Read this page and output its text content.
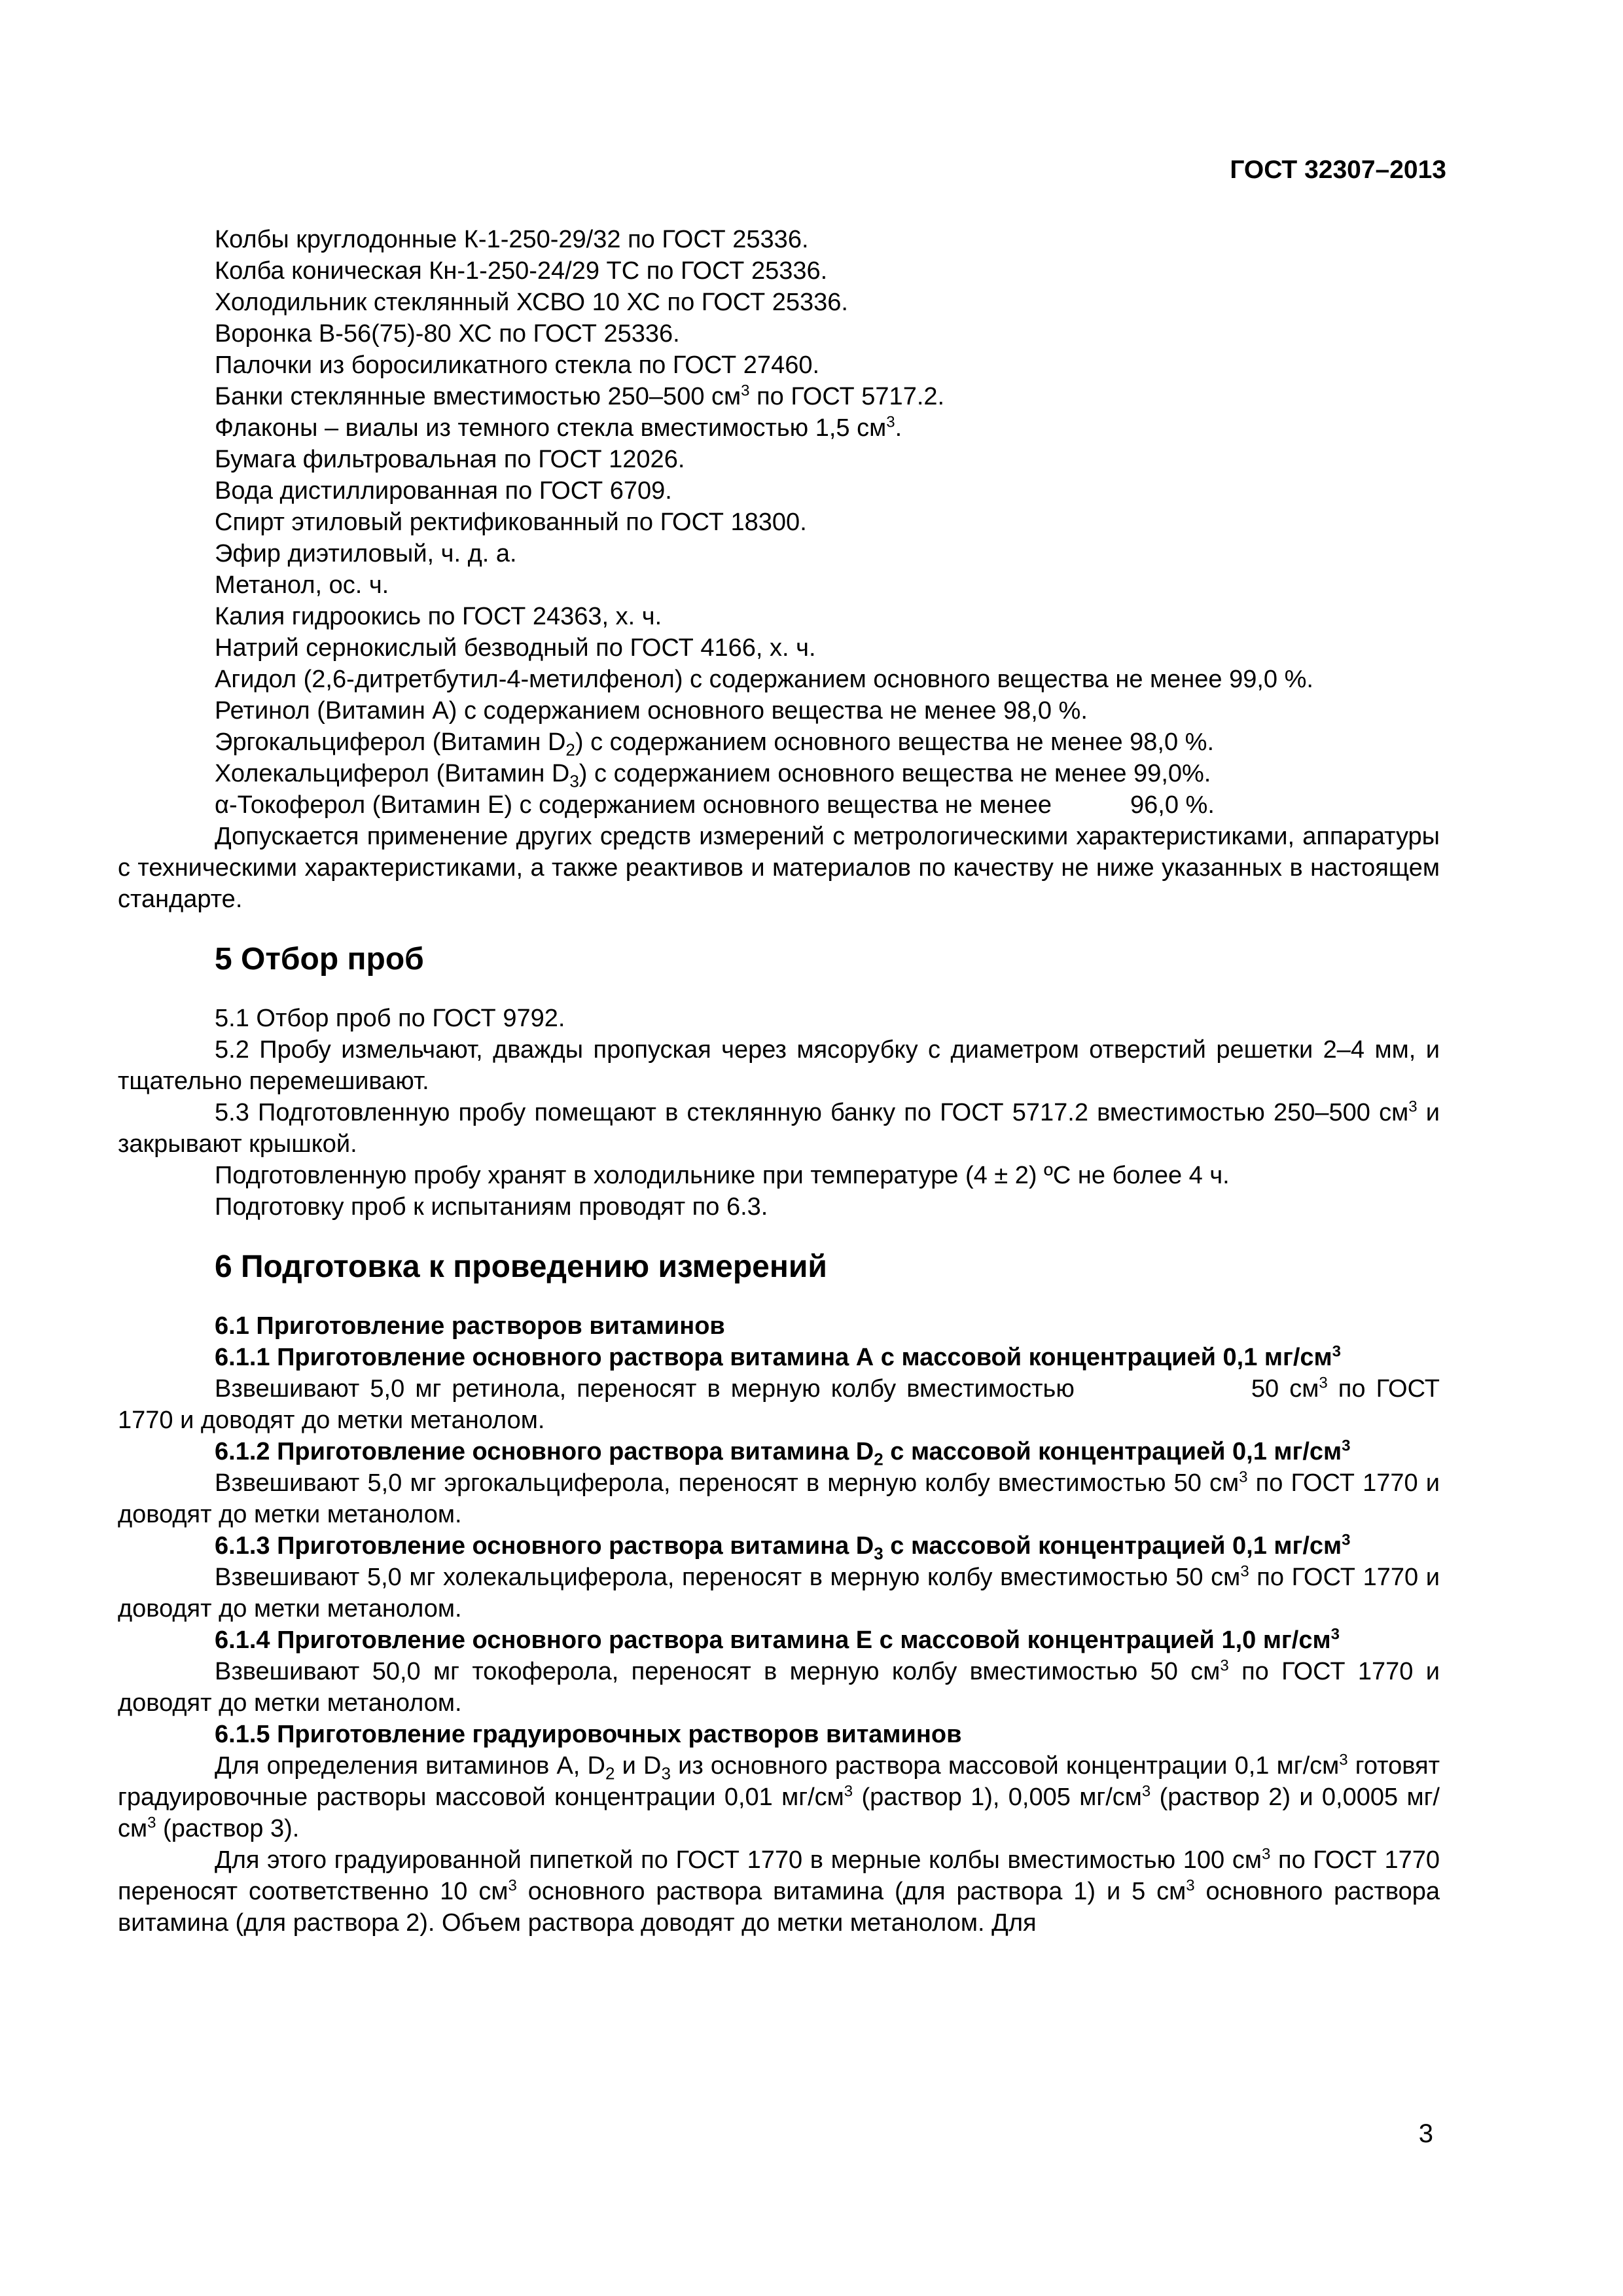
ГОСТ 32307–2013
Колбы круглодонные К-1-250-29/32 по ГОСТ 25336.
Колба коническая Кн-1-250-24/29 ТС по ГОСТ 25336.
Холодильник стеклянный ХСВО 10 ХС по ГОСТ 25336.
Воронка В-56(75)-80 ХС по ГОСТ 25336.
Палочки из боросиликатного стекла по ГОСТ 27460.
Банки стеклянные вместимостью 250–500 $см^3$ по ГОСТ 5717.2.
Флаконы – виалы из темного стекла вместимостью 1,5 $см^3$.
Бумага фильтровальная по ГОСТ 12026.
Вода дистиллированная по ГОСТ 6709.
Спирт этиловый ректификованный по ГОСТ 18300.
Эфир диэтиловый, ч. д. а.
Метанол, ос. ч.
Калия гидроокись по ГОСТ 24363, х. ч.
Натрий сернокислый безводный по ГОСТ 4166, х. ч.
Агидол (2,6-дитретбутил-4-метилфенол) с содержанием основного вещества не менее 99,0 %.
Ретинол (Витамин А) с содержанием основного вещества не менее 98,0 %.
Эргокальциферол (Витамин $D_2$) с содержанием основного вещества не менее 98,0 %.
Холекальциферол (Витамин $D_3$) с содержанием основного вещества не менее 99,0%.
α-Токоферол (Витамин Е) с содержанием основного вещества не менее	96,0 %.
Допускается применение других средств измерений с метрологическими характеристиками, аппаратуры с техническими характеристиками, а также реактивов и материалов по качеству не ниже указанных в настоящем стандарте.
5 Отбор проб
5.1 Отбор проб по ГОСТ 9792.
5.2 Пробу измельчают, дважды пропуская через мясорубку с диаметром отверстий решетки 2–4 мм, и тщательно перемешивают.
5.3 Подготовленную пробу помещают в стеклянную банку по ГОСТ 5717.2 вместимостью 250–500 $см^3$ и закрывают крышкой.
Подготовленную пробу хранят в холодильнике при температуре (4 ± 2) ºС не более 4 ч.
Подготовку проб к испытаниям проводят по 6.3.
6 Подготовка к проведению измерений
6.1 Приготовление растворов витаминов
6.1.1 Приготовление основного раствора витамина А с массовой концентрацией 0,1 $мг/см^3$
Взвешивают 5,0 мг ретинола, переносят в мерную колбу вместимостью	50 $см^3$ по ГОСТ 1770 и доводят до метки метанолом.
6.1.2 Приготовление основного раствора витамина $D_2$ с массовой концентрацией 0,1 $мг/см^3$
Взвешивают 5,0 мг эргокальциферола, переносят в мерную колбу вместимостью 50 $см^3$ по ГОСТ 1770 и доводят до метки метанолом.
6.1.3 Приготовление основного раствора витамина $D_3$ с массовой концентрацией 0,1 $мг/см^3$
Взвешивают 5,0 мг холекальциферола, переносят в мерную колбу вместимостью 50 $см^3$ по ГОСТ 1770 и доводят до метки метанолом.
6.1.4 Приготовление основного раствора витамина Е с массовой концентрацией 1,0 $мг/см^3$
Взвешивают 50,0 мг токоферола, переносят в мерную колбу вместимостью 50 $см^3$ по ГОСТ 1770 и доводят до метки метанолом.
6.1.5 Приготовление градуировочных растворов витаминов
Для определения витаминов А, $D_2$ и $D_3$ из основного раствора массовой концентрации 0,1 $мг/см^3$ готовят градуировочные растворы массовой концентрации 0,01 $мг/см^3$ (раствор 1), 0,005 $мг/см^3$ (раствор 2) и 0,0005 $мг/см^3$ (раствор 3).
Для этого градуированной пипеткой по ГОСТ 1770 в мерные колбы вместимостью 100 $см^3$ по ГОСТ 1770 переносят соответственно 10 $см^3$ основного раствора витамина (для раствора 1) и 5 $см^3$ основного раствора витамина (для раствора 2). Объем раствора доводят до метки метанолом. Для
3
